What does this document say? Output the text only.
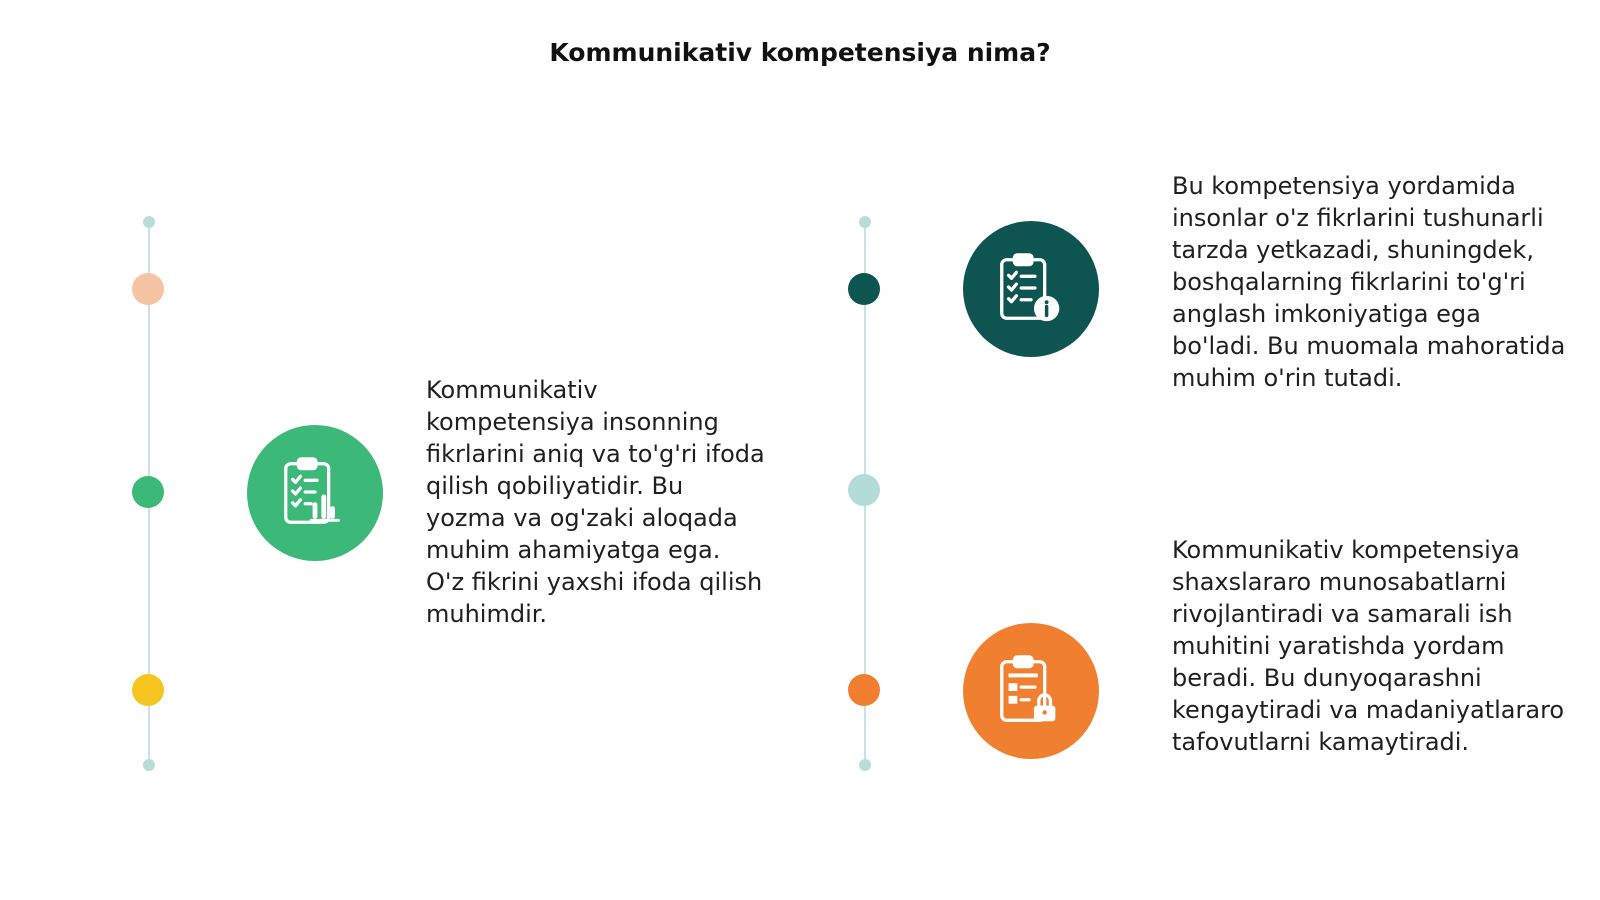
Kommunikativ kompetensiya nima?

Kommunikativ kompetensiya insonning fikrlarini aniq va to'g'ri ifoda qilish qobiliyatidir. Bu yozma va og'zaki aloqada muhim ahamiyatga ega. O'z fikrini yaxshi ifoda qilish muhimdir.

Bu kompetensiya yordamida insonlar o'z fikrlarini tushunarli tarzda yetkazadi, shuningdek, boshqalarning fikrlarini to'g'ri anglash imkoniyatiga ega bo'ladi. Bu muomala mahoratida muhim o'rin tutadi.

Kommunikativ kompetensiya shaxslararo munosabatlarni rivojlantiradi va samarali ish muhitini yaratishda yordam beradi. Bu dunyoqarashni kengaytiradi va madaniyatlararo tafovutlarni kamaytiradi.
